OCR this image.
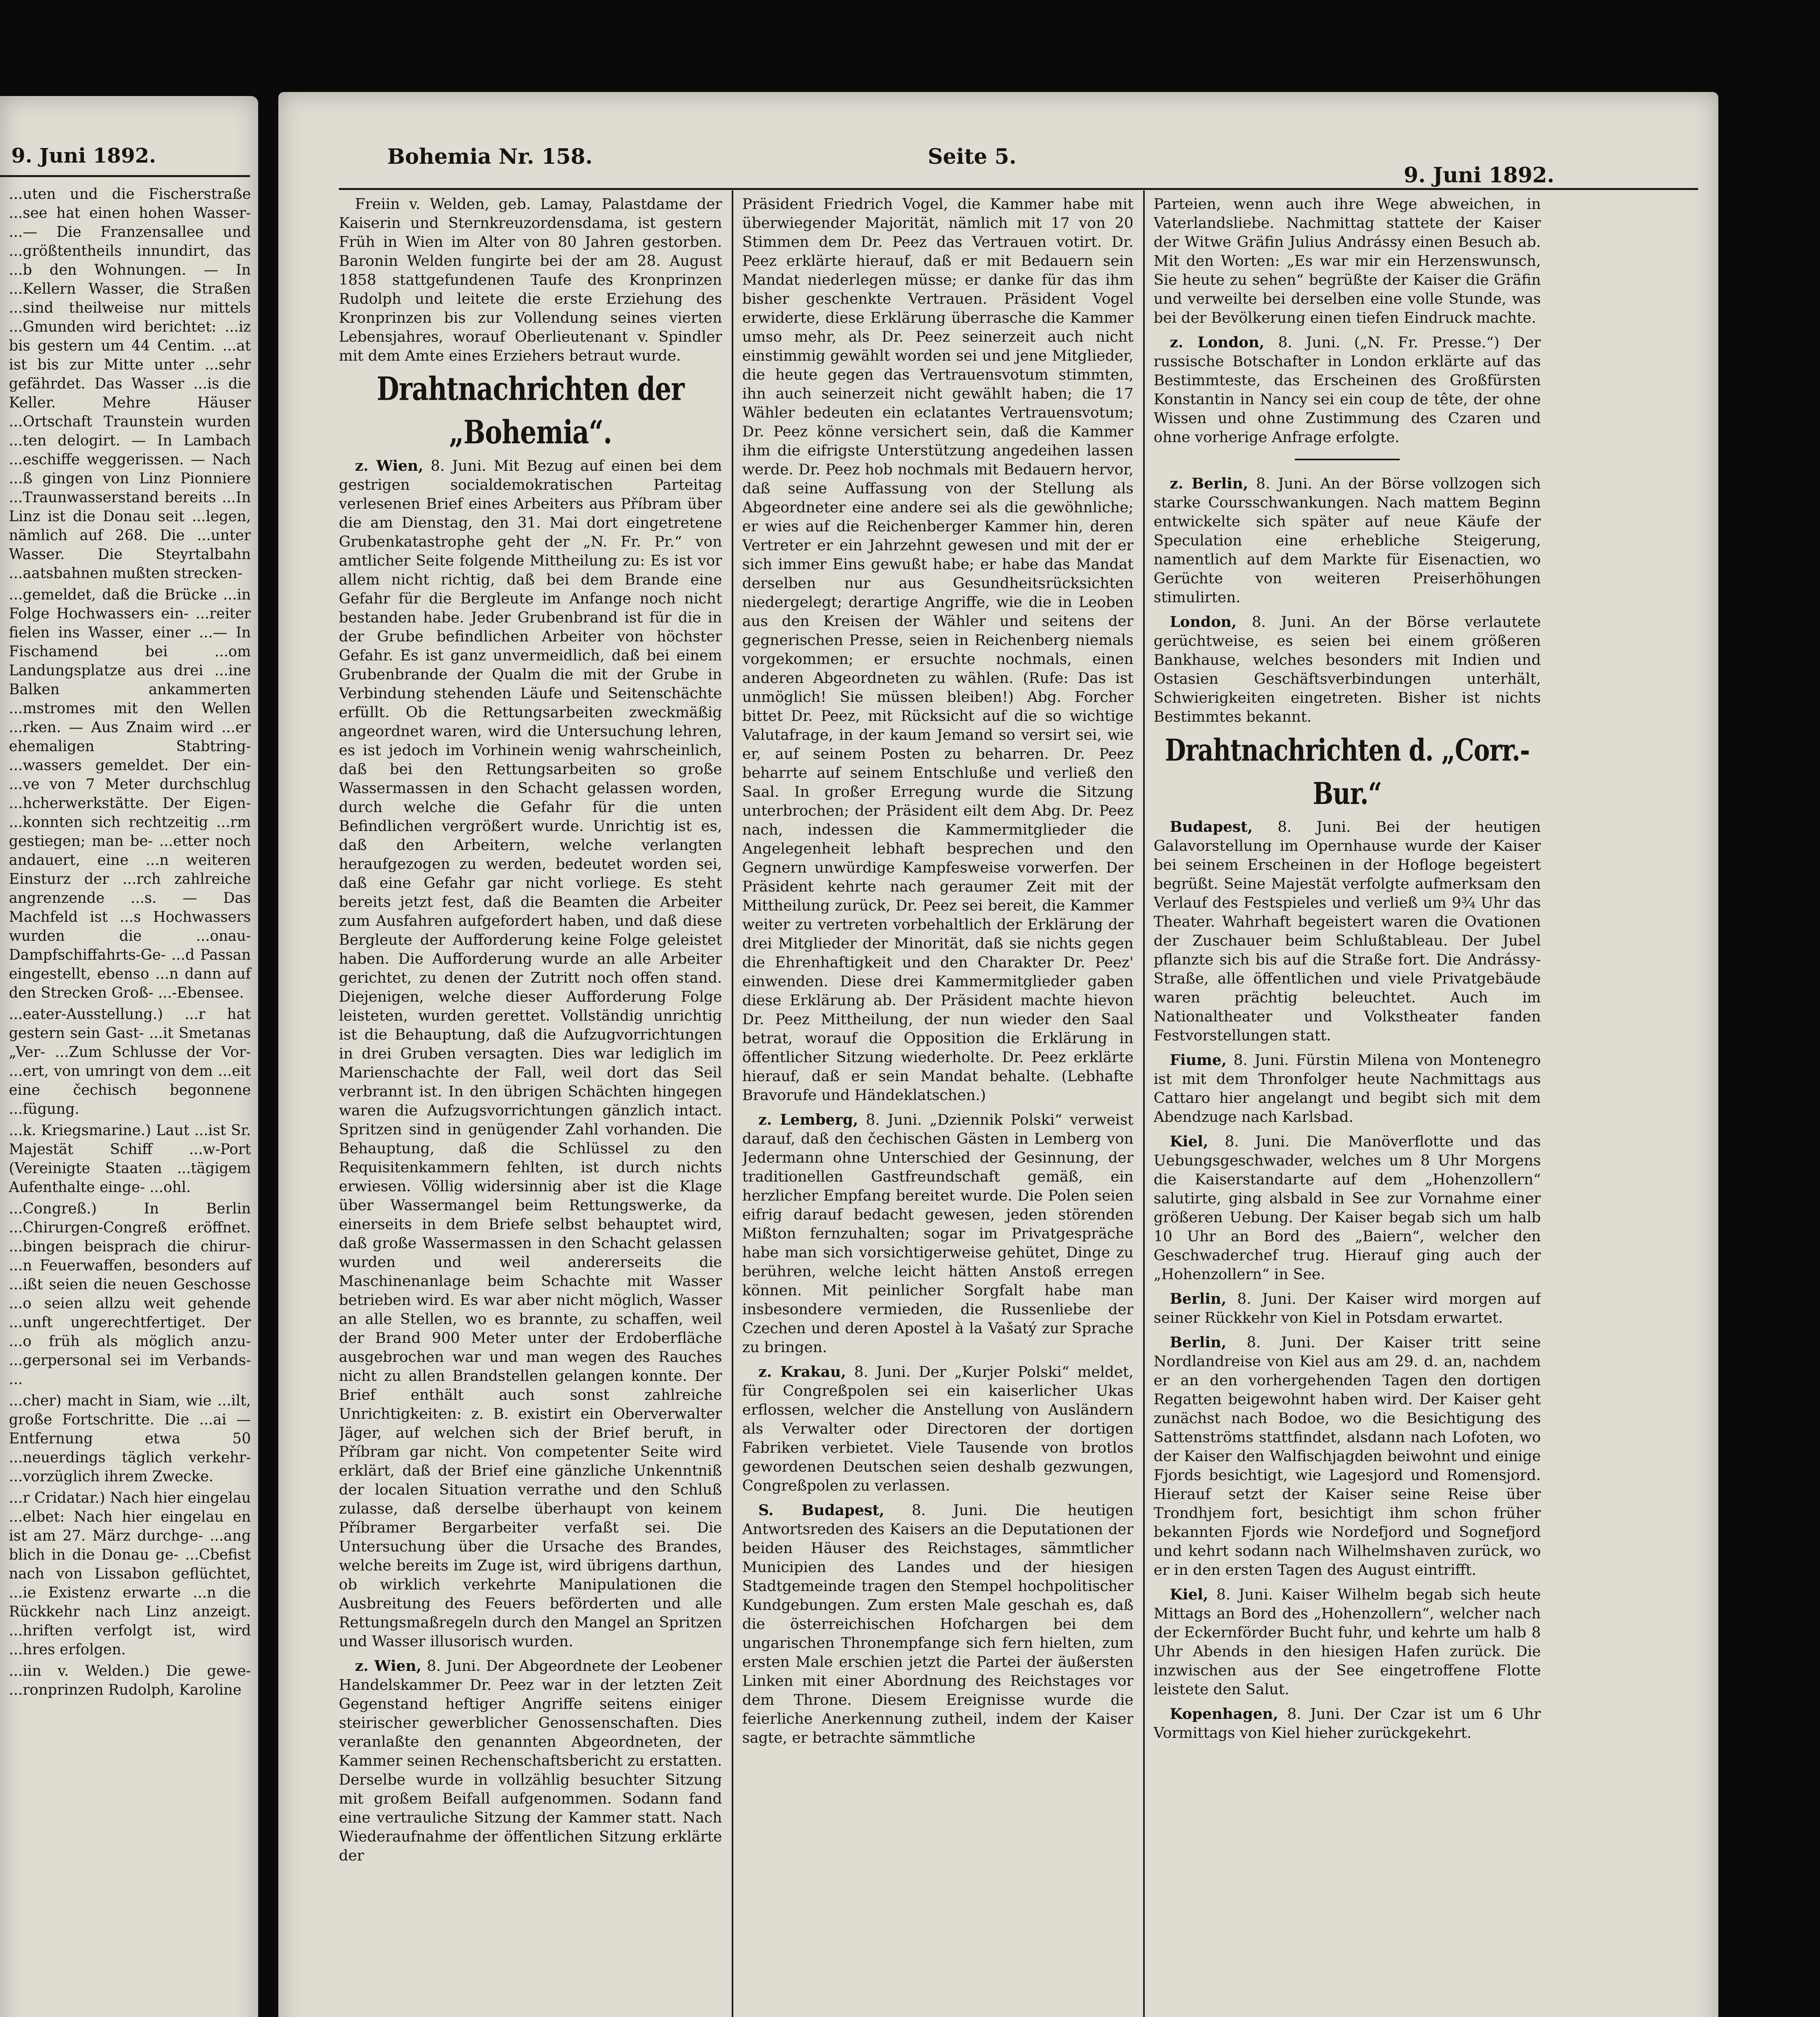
9. Juni 1892.

...uten und die Fischerstraße ...see hat einen hohen Wasser- ...— Die Franzensallee und ...größtentheils innundirt, das ...b den Wohnungen. — In ...Kellern Wasser, die Straßen ...sind theilweise nur mittels ...Gmunden wird berichtet: ...iz bis gestern um 44 Centim. ...at ist bis zur Mitte unter ...sehr gefährdet. Das Wasser ...is die Keller. Mehre Häuser ...Ortschaft Traunstein wurden ...ten delogirt. — In Lambach ...eschiffe weggerissen. — Nach ...ß gingen von Linz Pionniere ...Traunwasserstand bereits ...In Linz ist die Donau seit ...legen, nämlich auf 268. Die ...unter Wasser. Die Steyrtalbahn ...aatsbahnen mußten strecken-

...gemeldet, daß die Brücke ...in Folge Hochwassers ein- ...reiter fielen ins Wasser, einer ...— In Fischamend bei ...om Landungsplatze aus drei ...ine Balken ankammerten ...mstromes mit den Wellen ...rken. — Aus Znaim wird ...er ehemaligen Stabtring- ...wassers gemeldet. Der ein- ...ve von 7 Meter durchschlug ...hcherwerkstätte. Der Eigen- ...konnten sich rechtzeitig ...rm gestiegen; man be- ...etter noch andauert, eine ...n weiteren Einsturz der ...rch zahlreiche angrenzende ...s. — Das Machfeld ist ...s Hochwassers wurden die ...onau-Dampfschiffahrts-Ge- ...d Passan eingestellt, ebenso ...n dann auf den Strecken Groß- ...-Ebensee.

...eater-Ausstellung.) ...r hat gestern sein Gast- ...it Smetanas „Ver- ...Zum Schlusse der Vor- ...ert, von umringt von dem ...eit eine čechisch begonnene ...fügung.

...k. Kriegsmarine.) Laut ...ist Sr. Majestät Schiff ...w-Port (Vereinigte Staaten ...tägigem Aufenthalte einge- ...ohl.

...Congreß.) In Berlin ...Chirurgen-Congreß eröffnet. ...bingen beisprach die chirur- ...n Feuerwaffen, besonders auf ...ißt seien die neuen Geschosse ...o seien allzu weit gehende ...unft ungerechtfertiget. Der ...o früh als möglich anzu- ...gerpersonal sei im Verbands- ...

...cher) macht in Siam, wie ...ilt, große Fortschritte. Die ...ai — Entfernung etwa 50 ...neuerdings täglich verkehr- ...vorzüglich ihrem Zwecke.

...r Cridatar.) Nach hier eingelau ...elbet: Nach hier eingelau en ist am 27. März durchge- ...ang blich in die Donau ge- ...Cbefist nach von Lissabon geflüchtet, ...ie Existenz erwarte ...n die Rückkehr nach Linz anzeigt. ...hriften verfolgt ist, wird ...hres erfolgen.

...iin v. Welden.) Die gewe- ...ronprinzen Rudolph, Karoline

Bohemia Nr. 158.	Seite 5.
9. Juni 1892.

Freiin v. Welden, geb. Lamay, Palastdame der Kaiserin und Sternkreuzordensdama, ist gestern Früh in Wien im Alter von 80 Jahren gestorben. Baronin Welden fungirte bei der am 28. August 1858 stattgefundenen Taufe des Kronprinzen Rudolph und leitete die erste Erziehung des Kronprinzen bis zur Vollendung seines vierten Lebensjahres, worauf Oberlieutenant v. Spindler mit dem Amte eines Erziehers betraut wurde.

Drahtnachrichten der „Bohemia“.

z. Wien, 8. Juni. Mit Bezug auf einen bei dem gestrigen socialdemokratischen Parteitag verlesenen Brief eines Arbeiters aus Příbram über die am Dienstag, den 31. Mai dort eingetretene Grubenkatastrophe geht der „N. Fr. Pr.“ von amtlicher Seite folgende Mittheilung zu: Es ist vor allem nicht richtig, daß bei dem Brande eine Gefahr für die Bergleute im Anfange noch nicht bestanden habe. Jeder Grubenbrand ist für die in der Grube befindlichen Arbeiter von höchster Gefahr. Es ist ganz unvermeidlich, daß bei einem Grubenbrande der Qualm die mit der Grube in Verbindung stehenden Läufe und Seitenschächte erfüllt. Ob die Rettungsarbeiten zweckmäßig angeordnet waren, wird die Untersuchung lehren, es ist jedoch im Vorhinein wenig wahrscheinlich, daß bei den Rettungsarbeiten so große Wassermassen in den Schacht gelassen worden, durch welche die Gefahr für die unten Befindlichen vergrößert wurde. Unrichtig ist es, daß den Arbeitern, welche verlangten heraufgezogen zu werden, bedeutet worden sei, daß eine Gefahr gar nicht vorliege. Es steht bereits jetzt fest, daß die Beamten die Arbeiter zum Ausfahren aufgefordert haben, und daß diese Bergleute der Aufforderung keine Folge geleistet haben. Die Aufforderung wurde an alle Arbeiter gerichtet, zu denen der Zutritt noch offen stand. Diejenigen, welche dieser Aufforderung Folge leisteten, wurden gerettet. Vollständig unrichtig ist die Behauptung, daß die Aufzugvorrichtungen in drei Gruben versagten. Dies war lediglich im Marienschachte der Fall, weil dort das Seil verbrannt ist. In den übrigen Schächten hingegen waren die Aufzugsvorrichtungen gänzlich intact. Spritzen sind in genügender Zahl vorhanden. Die Behauptung, daß die Schlüssel zu den Requisitenkammern fehlten, ist durch nichts erwiesen. Völlig widersinnig aber ist die Klage über Wassermangel beim Rettungswerke, da einerseits in dem Briefe selbst behauptet wird, daß große Wassermassen in den Schacht gelassen wurden und weil andererseits die Maschinenanlage beim Schachte mit Wasser betrieben wird. Es war aber nicht möglich, Wasser an alle Stellen, wo es brannte, zu schaffen, weil der Brand 900 Meter unter der Erdoberfläche ausgebrochen war und man wegen des Rauches nicht zu allen Brandstellen gelangen konnte. Der Brief enthält auch sonst zahlreiche Unrichtigkeiten: z. B. existirt ein Oberverwalter Jäger, auf welchen sich der Brief beruft, in Příbram gar nicht. Von competenter Seite wird erklärt, daß der Brief eine gänzliche Unkenntniß der localen Situation verrathe und den Schluß zulasse, daß derselbe überhaupt von keinem Příbramer Bergarbeiter verfaßt sei. Die Untersuchung über die Ursache des Brandes, welche bereits im Zuge ist, wird übrigens darthun, ob wirklich verkehrte Manipulationen die Ausbreitung des Feuers beförderten und alle Rettungsmaßregeln durch den Mangel an Spritzen und Wasser illusorisch wurden.

z. Wien, 8. Juni. Der Abgeordnete der Leobener Handelskammer Dr. Peez war in der letzten Zeit Gegenstand heftiger Angriffe seitens einiger steirischer gewerblicher Genossenschaften. Dies veranlaßte den genannten Abgeordneten, der Kammer seinen Rechenschaftsbericht zu erstatten. Derselbe wurde in vollzählig besuchter Sitzung mit großem Beifall aufgenommen. Sodann fand eine vertrauliche Sitzung der Kammer statt. Nach Wiederaufnahme der öffentlichen Sitzung erklärte der

Präsident Friedrich Vogel, die Kammer habe mit überwiegender Majorität, nämlich mit 17 von 20 Stimmen dem Dr. Peez das Vertrauen votirt. Dr. Peez erklärte hierauf, daß er mit Bedauern sein Mandat niederlegen müsse; er danke für das ihm bisher geschenkte Vertrauen. Präsident Vogel erwiderte, diese Erklärung überrasche die Kammer umso mehr, als Dr. Peez seinerzeit auch nicht einstimmig gewählt worden sei und jene Mitglieder, die heute gegen das Vertrauensvotum stimmten, ihn auch seinerzeit nicht gewählt haben; die 17 Wähler bedeuten ein eclatantes Vertrauensvotum; Dr. Peez könne versichert sein, daß die Kammer ihm die eifrigste Unterstützung angedeihen lassen werde. Dr. Peez hob nochmals mit Bedauern hervor, daß seine Auffassung von der Stellung als Abgeordneter eine andere sei als die gewöhnliche; er wies auf die Reichenberger Kammer hin, deren Vertreter er ein Jahrzehnt gewesen und mit der er sich immer Eins gewußt habe; er habe das Mandat derselben nur aus Gesundheitsrücksichten niedergelegt; derartige Angriffe, wie die in Leoben aus den Kreisen der Wähler und seitens der gegnerischen Presse, seien in Reichenberg niemals vorgekommen; er ersuchte nochmals, einen anderen Abgeordneten zu wählen. (Rufe: Das ist unmöglich! Sie müssen bleiben!) Abg. Forcher bittet Dr. Peez, mit Rücksicht auf die so wichtige Valutafrage, in der kaum Jemand so versirt sei, wie er, auf seinem Posten zu beharren. Dr. Peez beharrte auf seinem Entschluße und verließ den Saal. In großer Erregung wurde die Sitzung unterbrochen; der Präsident eilt dem Abg. Dr. Peez nach, indessen die Kammermitglieder die Angelegenheit lebhaft besprechen und den Gegnern unwürdige Kampfesweise vorwerfen. Der Präsident kehrte nach geraumer Zeit mit der Mittheilung zurück, Dr. Peez sei bereit, die Kammer weiter zu vertreten vorbehaltlich der Erklärung der drei Mitglieder der Minorität, daß sie nichts gegen die Ehrenhaftigkeit und den Charakter Dr. Peez' einwenden. Diese drei Kammermitglieder gaben diese Erklärung ab. Der Präsident machte hievon Dr. Peez Mittheilung, der nun wieder den Saal betrat, worauf die Opposition die Erklärung in öffentlicher Sitzung wiederholte. Dr. Peez erklärte hierauf, daß er sein Mandat behalte. (Lebhafte Bravorufe und Händeklatschen.)

z. Lemberg, 8. Juni. „Dziennik Polski“ verweist darauf, daß den čechischen Gästen in Lemberg von Jedermann ohne Unterschied der Gesinnung, der traditionellen Gastfreundschaft gemäß, ein herzlicher Empfang bereitet wurde. Die Polen seien eifrig darauf bedacht gewesen, jeden störenden Mißton fernzuhalten; sogar im Privatgespräche habe man sich vorsichtigerweise gehütet, Dinge zu berühren, welche leicht hätten Anstoß erregen können. Mit peinlicher Sorgfalt habe man insbesondere vermieden, die Russenliebe der Czechen und deren Apostel à la Vašatý zur Sprache zu bringen.

z. Krakau, 8. Juni. Der „Kurjer Polski“ meldet, für Congreßpolen sei ein kaiserlicher Ukas erflossen, welcher die Anstellung von Ausländern als Verwalter oder Directoren der dortigen Fabriken verbietet. Viele Tausende von brotlos gewordenen Deutschen seien deshalb gezwungen, Congreßpolen zu verlassen.

S. Budapest, 8. Juni. Die heutigen Antwortsreden des Kaisers an die Deputationen der beiden Häuser des Reichstages, sämmtlicher Municipien des Landes und der hiesigen Stadtgemeinde tragen den Stempel hochpolitischer Kundgebungen. Zum ersten Male geschah es, daß die österreichischen Hofchargen bei dem ungarischen Thronempfange sich fern hielten, zum ersten Male erschien jetzt die Partei der äußersten Linken mit einer Abordnung des Reichstages vor dem Throne. Diesem Ereignisse wurde die feierliche Anerkennung zutheil, indem der Kaiser sagte, er betrachte sämmtliche

Parteien, wenn auch ihre Wege abweichen, in Vaterlandsliebe. Nachmittag stattete der Kaiser der Witwe Gräfin Julius Andrássy einen Besuch ab. Mit den Worten: „Es war mir ein Herzenswunsch, Sie heute zu sehen“ begrüßte der Kaiser die Gräfin und verweilte bei derselben eine volle Stunde, was bei der Bevölkerung einen tiefen Eindruck machte.

z. London, 8. Juni. („N. Fr. Presse.“) Der russische Botschafter in London erklärte auf das Bestimmteste, das Erscheinen des Großfürsten Konstantin in Nancy sei ein coup de tête, der ohne Wissen und ohne Zustimmung des Czaren und ohne vorherige Anfrage erfolgte.

z. Berlin, 8. Juni. An der Börse vollzogen sich starke Coursschwankungen. Nach mattem Beginn entwickelte sich später auf neue Käufe der Speculation eine erhebliche Steigerung, namentlich auf dem Markte für Eisenactien, wo Gerüchte von weiteren Preiserhöhungen stimulirten.

London, 8. Juni. An der Börse verlautete gerüchtweise, es seien bei einem größeren Bankhause, welches besonders mit Indien und Ostasien Geschäftsverbindungen unterhält, Schwierigkeiten eingetreten. Bisher ist nichts Bestimmtes bekannt.

Drahtnachrichten d. „Corr.-Bur.“

Budapest, 8. Juni. Bei der heutigen Galavorstellung im Opernhause wurde der Kaiser bei seinem Erscheinen in der Hofloge begeistert begrüßt. Seine Majestät verfolgte aufmerksam den Verlauf des Festspieles und verließ um 9¾ Uhr das Theater. Wahrhaft begeistert waren die Ovationen der Zuschauer beim Schlußtableau. Der Jubel pflanzte sich bis auf die Straße fort. Die Andrássy-Straße, alle öffentlichen und viele Privatgebäude waren prächtig beleuchtet. Auch im Nationaltheater und Volkstheater fanden Festvorstellungen statt.

Fiume, 8. Juni. Fürstin Milena von Montenegro ist mit dem Thronfolger heute Nachmittags aus Cattaro hier angelangt und begibt sich mit dem Abendzuge nach Karlsbad.

Kiel, 8. Juni. Die Manöverflotte und das Uebungsgeschwader, welches um 8 Uhr Morgens die Kaiserstandarte auf dem „Hohenzollern“ salutirte, ging alsbald in See zur Vornahme einer größeren Uebung. Der Kaiser begab sich um halb 10 Uhr an Bord des „Baiern“, welcher den Geschwaderchef trug. Hierauf ging auch der „Hohenzollern“ in See.

Berlin, 8. Juni. Der Kaiser wird morgen auf seiner Rückkehr von Kiel in Potsdam erwartet.

Berlin, 8. Juni. Der Kaiser tritt seine Nordlandreise von Kiel aus am 29. d. an, nachdem er an den vorhergehenden Tagen den dortigen Regatten beigewohnt haben wird. Der Kaiser geht zunächst nach Bodoe, wo die Besichtigung des Sattenströms stattfindet, alsdann nach Lofoten, wo der Kaiser den Walfischjagden beiwohnt und einige Fjords besichtigt, wie Lagesjord und Romensjord. Hierauf setzt der Kaiser seine Reise über Trondhjem fort, besichtigt ihm schon früher bekannten Fjords wie Nordefjord und Sognefjord und kehrt sodann nach Wilhelmshaven zurück, wo er in den ersten Tagen des August eintrifft.

Kiel, 8. Juni. Kaiser Wilhelm begab sich heute Mittags an Bord des „Hohenzollern“, welcher nach der Eckernförder Bucht fuhr, und kehrte um halb 8 Uhr Abends in den hiesigen Hafen zurück. Die inzwischen aus der See eingetroffene Flotte leistete den Salut.

Kopenhagen, 8. Juni. Der Czar ist um 6 Uhr Vormittags von Kiel hieher zurückgekehrt.
